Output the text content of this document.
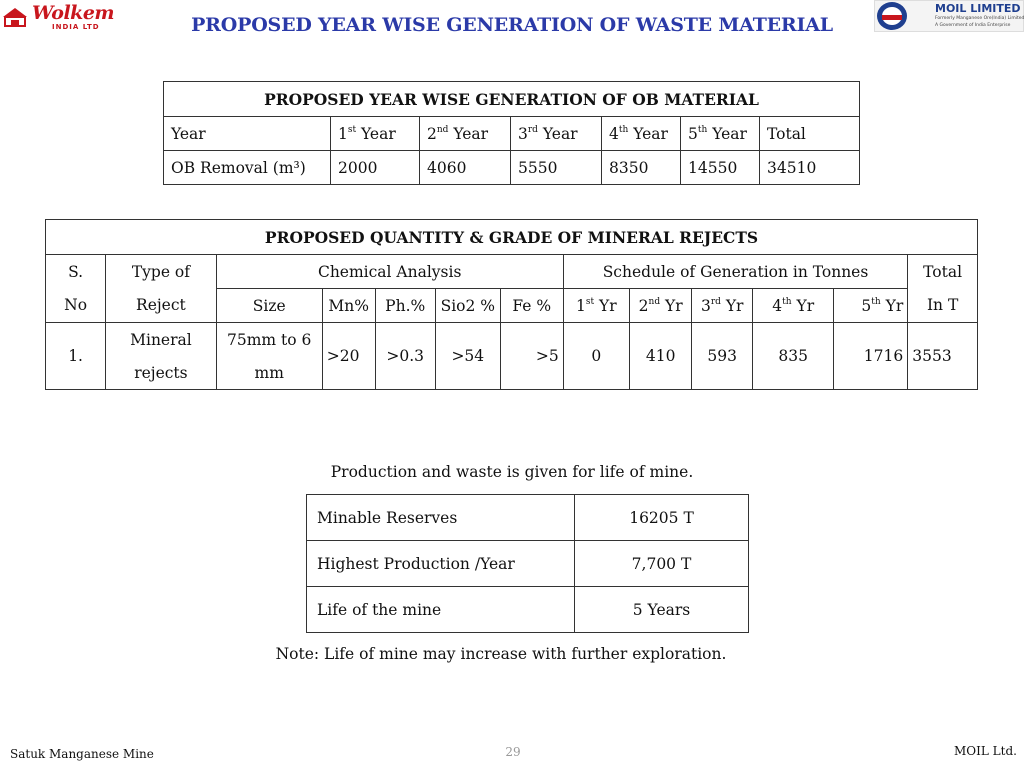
Wolkem
INDIA LTD	PROPOSED YEAR WISE GENERATION OF WASTE MATERIAL
MOIL LIMITED
Formerly Manganese Ore(India) Limited
A Government of India Enterprise
PROPOSED YEAR WISE GENERATION OF OB MATERIAL						
Year	1st Year	2nd Year	3rd Year	4th Year	5th Year	Total
OB Removal (m³)	2000	4060	5550	8350	14550	34510
PROPOSED QUANTITY & GRADE OF MINERAL REJECTS												
S.	Type of	Chemical Analysis					Schedule of Generation in Tonnes					Total
No	Reject	Size	Mn%	Ph.%	Sio2 %	Fe %	1st Yr	2nd Yr	3rd Yr	4th Yr	5th Yr	In T
1.	Mineral	75mm to 6	>20	>0.3	>54	>5	0	410	593	835	1716	3553
	rejects	mm										
Production and waste is given for life of mine.
Minable Reserves	16205 T
Highest Production /Year	7,700 T
Life of the mine	5 Years
Note: Life of mine may increase with further exploration.
Satuk Manganese Mine	29	MOIL Ltd.
